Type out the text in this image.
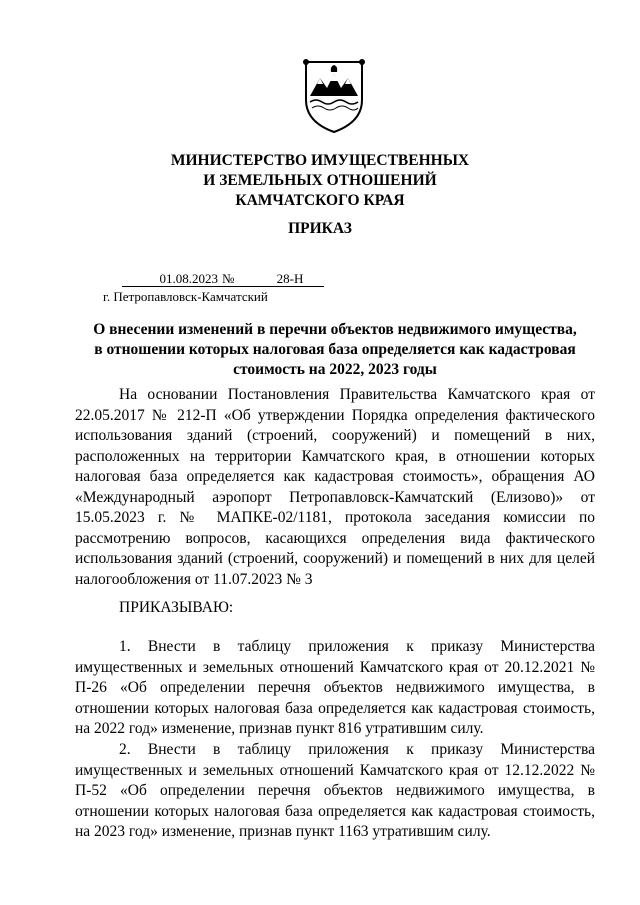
МИНИСТЕРСТВО ИМУЩЕСТВЕННЫХ
И ЗЕМЕЛЬНЫХ ОТНОШЕНИЙ
КАМЧАТСКОГО КРАЯ
ПРИКАЗ
01.08.2023 №	28-Н
г. Петропавловск-Камчатский
О внесении изменений в перечни объектов недвижимого имущества, в отношении которых налоговая база определяется как кадастровая стоимость на 2022, 2023 годы
На основании Постановления Правительства Камчатского края от 22.05.2017 № 212-П «Об утверждении Порядка определения фактического использования зданий (строений, сооружений) и помещений в них, расположенных на территории Камчатского края, в отношении которых налоговая база определяется как кадастровая стоимость», обращения АО «Международный аэропорт Петропавловск-Камчатский (Елизово)» от 15.05.2023 г. № МАПКЕ-02/1181, протокола заседания комиссии по рассмотрению вопросов, касающихся определения вида фактического использования зданий (строений, сооружений) и помещений в них для целей налогообложения от 11.07.2023 № 3
ПРИКАЗЫВАЮ:
1. Внести в таблицу приложения к приказу Министерства имущественных и земельных отношений Камчатского края от 20.12.2021 № П-26 «Об определении перечня объектов недвижимого имущества, в отношении которых налоговая база определяется как кадастровая стоимость, на 2022 год» изменение, признав пункт 816 утратившим силу.
2. Внести в таблицу приложения к приказу Министерства имущественных и земельных отношений Камчатского края от 12.12.2022 № П-52 «Об определении перечня объектов недвижимого имущества, в отношении которых налоговая база определяется как кадастровая стоимость, на 2023 год» изменение, признав пункт 1163 утратившим силу.
